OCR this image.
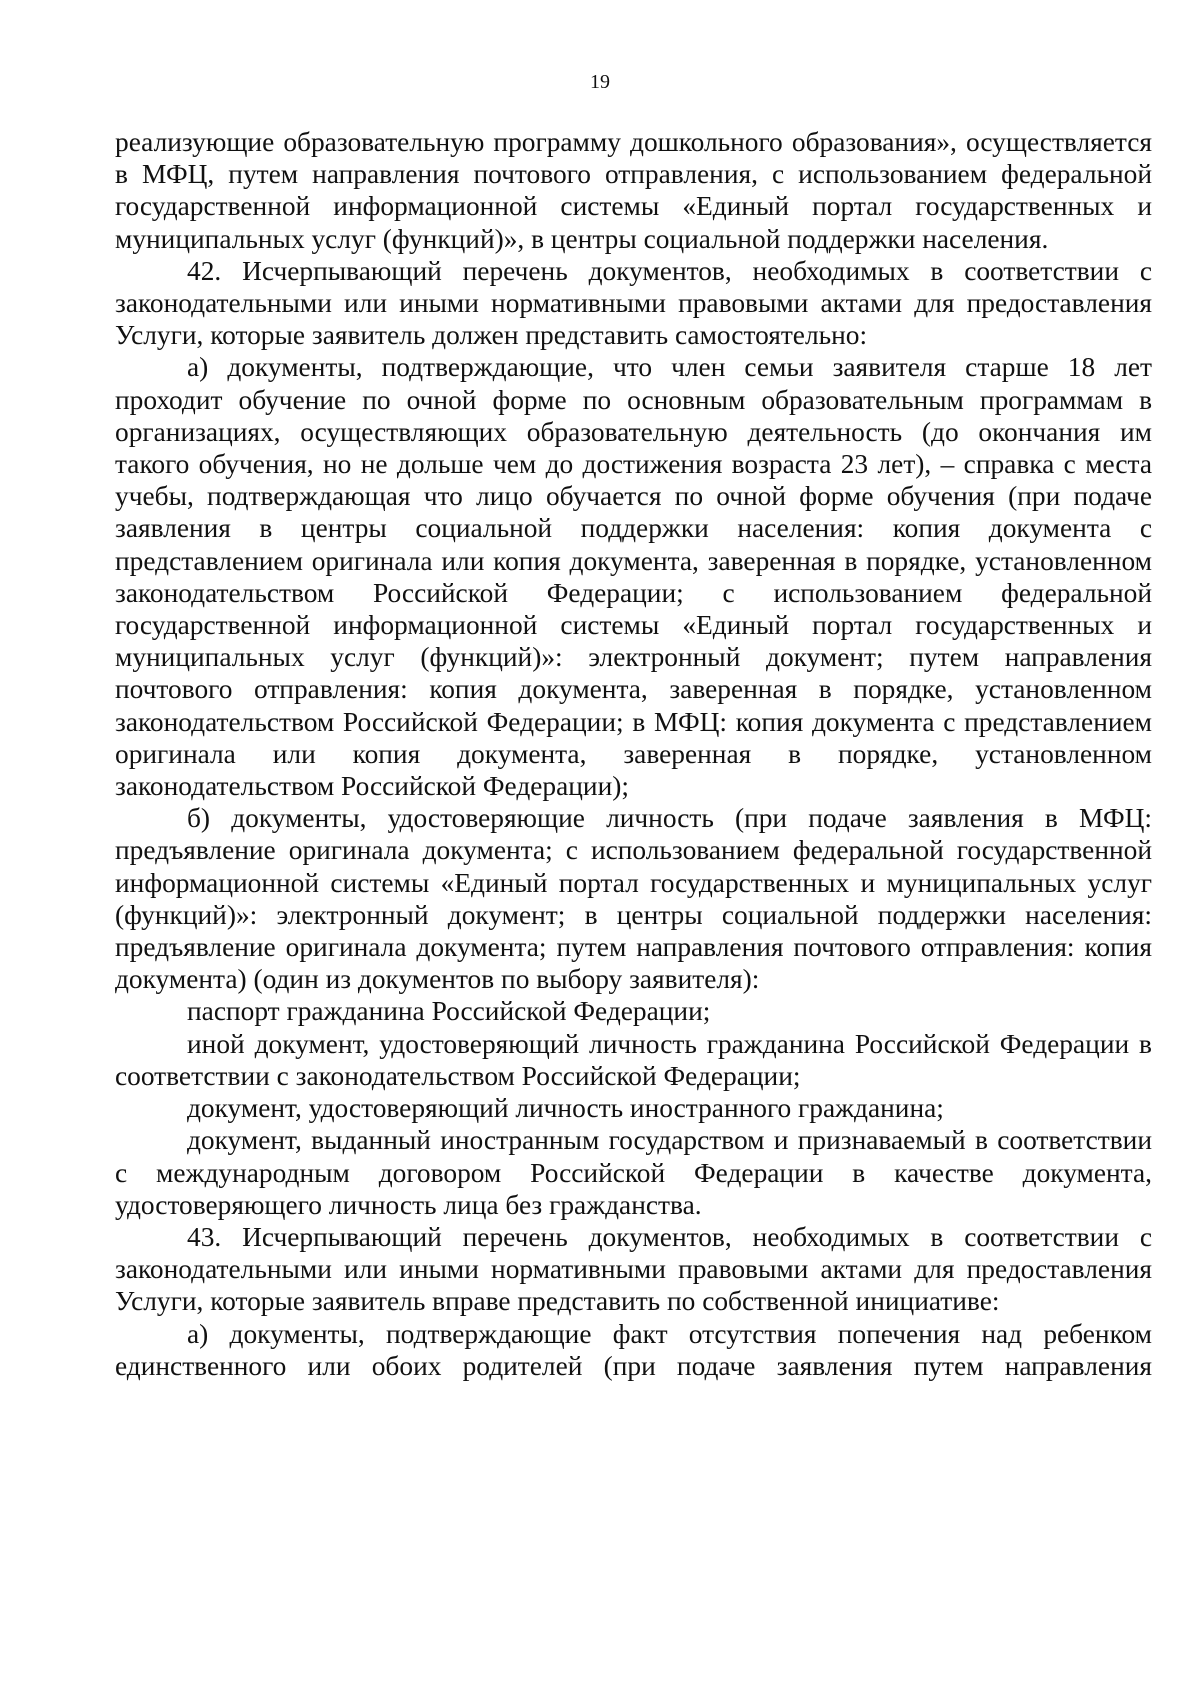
19

реализующие образовательную программу дошкольного образования», осуществляется в МФЦ, путем направления почтового отправления, с использованием федеральной государственной информационной системы «Единый портал государственных и муниципальных услуг (функций)», в центры социальной поддержки населения.

42. Исчерпывающий перечень документов, необходимых в соответствии с законодательными или иными нормативными правовыми актами для предоставления Услуги, которые заявитель должен представить самостоятельно:

а) документы, подтверждающие, что член семьи заявителя старше 18 лет проходит обучение по очной форме по основным образовательным программам в организациях, осуществляющих образовательную деятельность (до окончания им такого обучения, но не дольше чем до достижения возраста 23 лет), – справка с места учебы, подтверждающая что лицо обучается по очной форме обучения (при подаче заявления в центры социальной поддержки населения: копия документа с представлением оригинала или копия документа, заверенная в порядке, установленном законодательством Российской Федерации; с использованием федеральной государственной информационной системы «Единый портал государственных и муниципальных услуг (функций)»: электронный документ; путем направления почтового отправления: копия документа, заверенная в порядке, установленном законодательством Российской Федерации; в МФЦ: копия документа с представлением оригинала или копия документа, заверенная в порядке, установленном законодательством Российской Федерации);

б) документы, удостоверяющие личность (при подаче заявления в МФЦ: предъявление оригинала документа; с использованием федеральной государственной информационной системы «Единый портал государственных и муниципальных услуг (функций)»: электронный документ; в центры социальной поддержки населения: предъявление оригинала документа; путем направления почтового отправления: копия документа) (один из документов по выбору заявителя):

паспорт гражданина Российской Федерации;

иной документ, удостоверяющий личность гражданина Российской Федерации в соответствии с законодательством Российской Федерации;

документ, удостоверяющий личность иностранного гражданина;

документ, выданный иностранным государством и признаваемый в соответствии с международным договором Российской Федерации в качестве документа, удостоверяющего личность лица без гражданства.

43. Исчерпывающий перечень документов, необходимых в соответствии с законодательными или иными нормативными правовыми актами для предоставления Услуги, которые заявитель вправе представить по собственной инициативе:

а) документы, подтверждающие факт отсутствия попечения над ребенком единственного или обоих родителей (при подаче заявления путем направления
